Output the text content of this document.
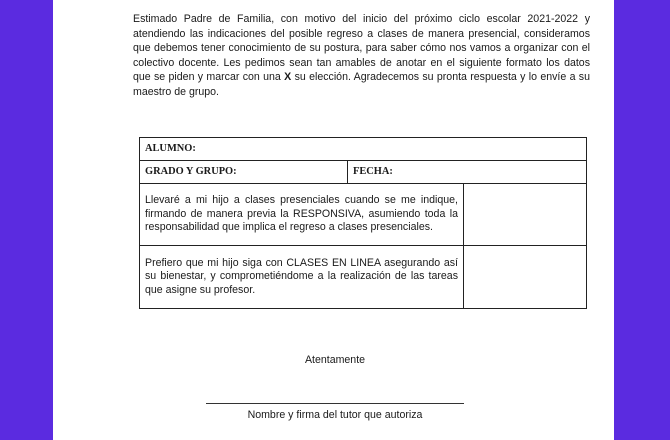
Estimado Padre de Familia, con motivo del inicio del próximo ciclo escolar 2021-2022 y atendiendo las indicaciones del posible regreso a clases de manera presencial, consideramos que debemos tener conocimiento de su postura, para saber cómo nos vamos a organizar con el colectivo docente. Les pedimos sean tan amables de anotar en el siguiente formato los datos que se piden y marcar con una X su elección. Agradecemos su pronta respuesta y lo envíe a su maestro de grupo.

ALUMNO:		
GRADO Y GRUPO:	FECHA:	
Llevaré a mi hijo a clases presenciales cuando se me indique, firmando de manera previa la RESPONSIVA, asumiendo toda la responsabilidad que implica el regreso a clases presenciales.		
Prefiero que mi hijo siga con CLASES EN LINEA asegurando así su bienestar, y comprometiéndome a la realización de las tareas que asigne su profesor.		
Atentamente
Nombre y firma del tutor que autoriza
